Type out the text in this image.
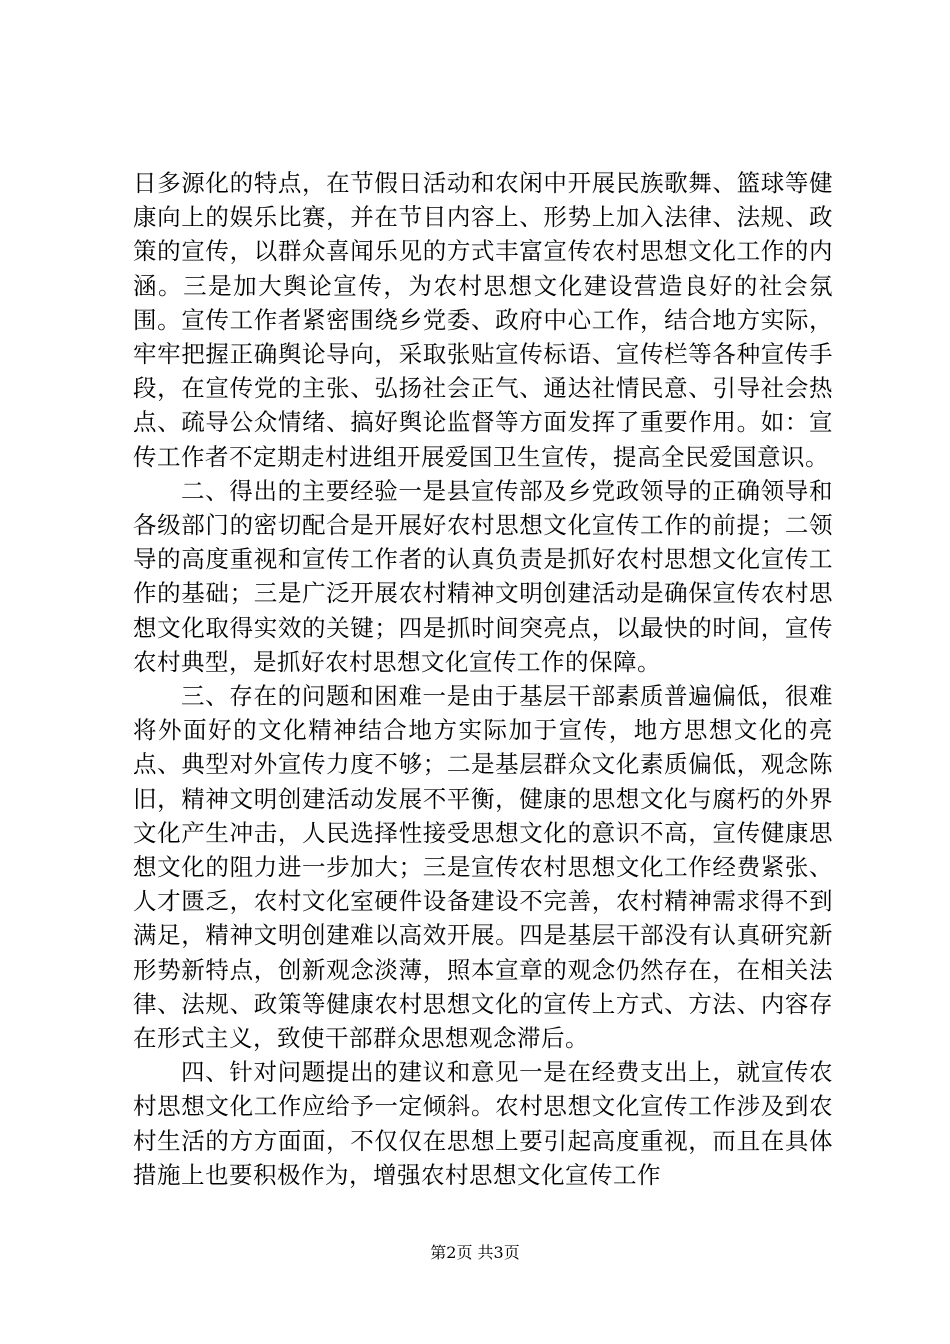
日多源化的特点，在节假日活动和农闲中开展民族歌舞、篮球等健康向上的娱乐比赛，并在节目内容上、形势上加入法律、法规、政策的宣传，以群众喜闻乐见的方式丰富宣传农村思想文化工作的内涵。三是加大舆论宣传，为农村思想文化建设营造良好的社会氛围。宣传工作者紧密围绕乡党委、政府中心工作，结合地方实际，牢牢把握正确舆论导向，采取张贴宣传标语、宣传栏等各种宣传手段，在宣传党的主张、弘扬社会正气、通达社情民意、引导社会热点、疏导公众情绪、搞好舆论监督等方面发挥了重要作用。如：宣传工作者不定期走村进组开展爱国卫生宣传，提高全民爱国意识。

二、得出的主要经验一是县宣传部及乡党政领导的正确领导和各级部门的密切配合是开展好农村思想文化宣传工作的前提；二领导的高度重视和宣传工作者的认真负责是抓好农村思想文化宣传工作的基础；三是广泛开展农村精神文明创建活动是确保宣传农村思想文化取得实效的关键；四是抓时间突亮点，以最快的时间，宣传农村典型，是抓好农村思想文化宣传工作的保障。

三、存在的问题和困难一是由于基层干部素质普遍偏低，很难将外面好的文化精神结合地方实际加于宣传，地方思想文化的亮点、典型对外宣传力度不够；二是基层群众文化素质偏低，观念陈旧，精神文明创建活动发展不平衡，健康的思想文化与腐朽的外界文化产生冲击，人民选择性接受思想文化的意识不高，宣传健康思想文化的阻力进一步加大；三是宣传农村思想文化工作经费紧张、人才匮乏，农村文化室硬件设备建设不完善，农村精神需求得不到满足，精神文明创建难以高效开展。四是基层干部没有认真研究新形势新特点，创新观念淡薄，照本宣章的观念仍然存在，在相关法律、法规、政策等健康农村思想文化的宣传上方式、方法、内容存在形式主义，致使干部群众思想观念滞后。

四、针对问题提出的建议和意见一是在经费支出上，就宣传农村思想文化工作应给予一定倾斜。农村思想文化宣传工作涉及到农村生活的方方面面，不仅仅在思想上要引起高度重视，而且在具体措施上也要积极作为，增强农村思想文化宣传工作

第2页 共3页
